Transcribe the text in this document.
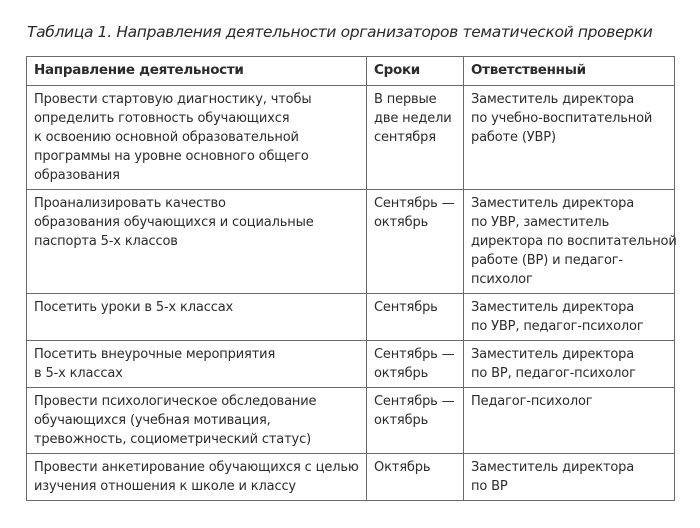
Таблица 1. Направления деятельности организаторов тематической проверки
Направление деятельности	Сроки	Ответственный

Провести стартовую диагностику, чтобы
определить готовность обучающихся
к освоению основной образовательной
программы на уровне основного общего
образования	В первые
две недели
сентября	Заместитель директора
по учебно-воспитательной
работе (УВР)

Проанализировать качество
образования обучающихся и социальные
паспорта 5-х классов	Сентябрь —
октябрь	Заместитель директора
по УВР, заместитель
директора по воспитательной
работе (ВР) и педагог-
психолог

Посетить уроки в 5-х классах	Сентябрь	Заместитель директора
по УВР, педагог-психолог

Посетить внеурочные мероприятия
в 5-х классах	Сентябрь —
октябрь	Заместитель директора
по ВР, педагог-психолог

Провести психологическое обследование
обучающихся (учебная мотивация,
тревожность, социометрический статус)	Сентябрь —
октябрь	Педагог-психолог

Провести анкетирование обучающихся с целью
изучения отношения к школе и классу	Октябрь	Заместитель директора
по ВР
